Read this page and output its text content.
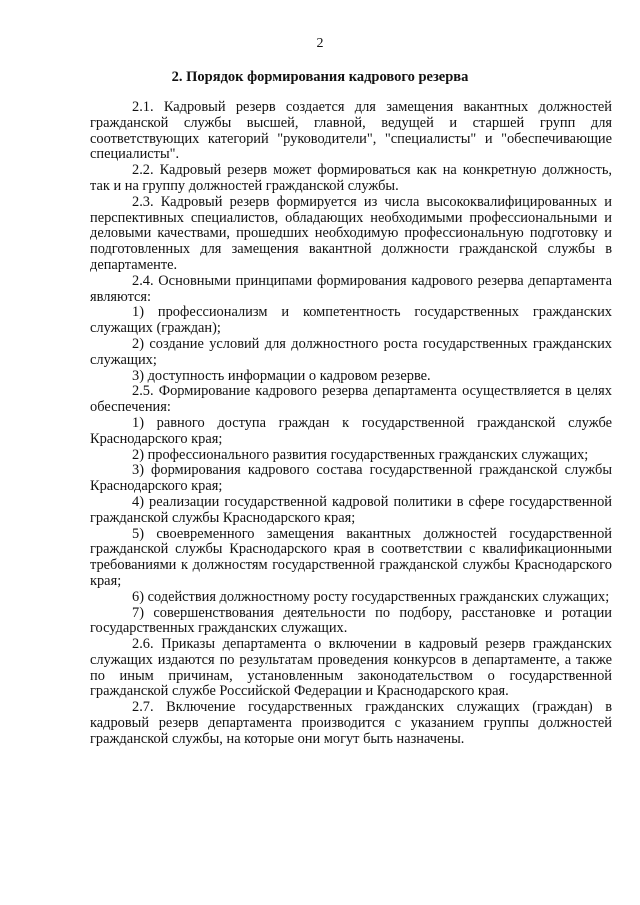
2
2. Порядок формирования кадрового резерва

2.1. Кадровый резерв создается для замещения вакантных должностей гражданской службы высшей, главной, ведущей и старшей групп для соответствующих категорий "руководители", "специалисты" и "обеспечивающие специалисты".

2.2. Кадровый резерв может формироваться как на конкретную должность, так и на группу должностей гражданской службы.

2.3. Кадровый резерв формируется из числа высококвалифицированных и перспективных специалистов, обладающих необходимыми профессиональными и деловыми качествами, прошедших необходимую профессиональную подготовку и подготовленных для замещения вакантной должности гражданской службы в департаменте.

2.4. Основными принципами формирования кадрового резерва департамента являются:

1) профессионализм и компетентность государственных гражданских служащих (граждан);

2) создание условий для должностного роста государственных гражданских служащих;

3) доступность информации о кадровом резерве.

2.5. Формирование кадрового резерва департамента осуществляется в целях обеспечения:

1) равного доступа граждан к государственной гражданской службе Краснодарского края;

2) профессионального развития государственных гражданских служащих;

3) формирования кадрового состава государственной гражданской службы Краснодарского края;

4) реализации государственной кадровой политики в сфере государственной гражданской службы Краснодарского края;

5) своевременного замещения вакантных должностей государственной гражданской службы Краснодарского края в соответствии с квалификационными требованиями к должностям государственной гражданской службы Краснодарского края;

6) содействия должностному росту государственных гражданских служащих;

7) совершенствования деятельности по подбору, расстановке и ротации государственных гражданских служащих.

2.6. Приказы департамента о включении в кадровый резерв гражданских служащих издаются по результатам проведения конкурсов в департаменте, а также по иным причинам, установленным законодательством о государственной гражданской службе Российской Федерации и Краснодарского края.

2.7. Включение государственных гражданских служащих (граждан) в кадровый резерв департамента производится с указанием группы должностей гражданской службы, на которые они могут быть назначены.
